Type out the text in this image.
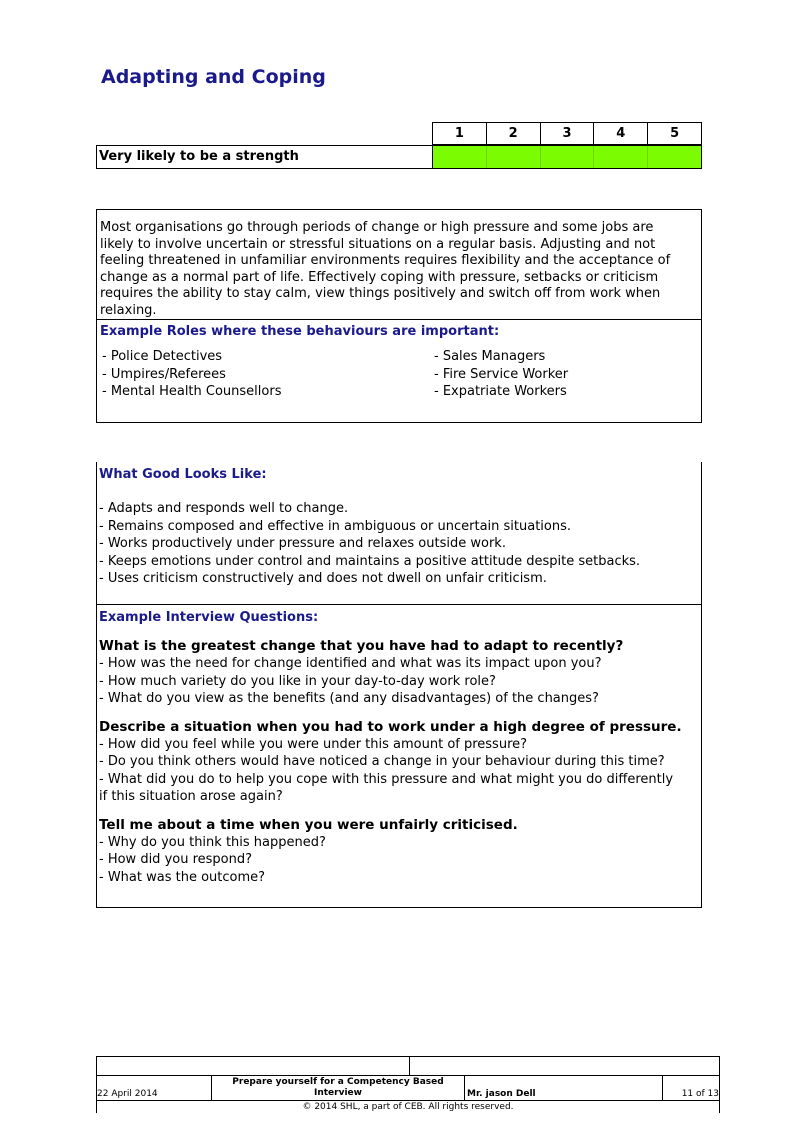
Adapting and Coping
1	2	3	4	5
Very likely to be a strength
Most organisations go through periods of change or high pressure and some jobs are
likely to involve uncertain or stressful situations on a regular basis. Adjusting and not
feeling threatened in unfamiliar environments requires flexibility and the acceptance of
change as a normal part of life. Effectively coping with pressure, setbacks or criticism
requires the ability to stay calm, view things positively and switch off from work when
relaxing.
Example Roles where these behaviours are important:
- Police Detectives
- Umpires/Referees
- Mental Health Counsellors
- Sales Managers
- Fire Service Worker
- Expatriate Workers
What Good Looks Like:
- Adapts and responds well to change.
- Remains composed and effective in ambiguous or uncertain situations.
- Works productively under pressure and relaxes outside work.
- Keeps emotions under control and maintains a positive attitude despite setbacks.
- Uses criticism constructively and does not dwell on unfair criticism.
Example Interview Questions:
What is the greatest change that you have had to adapt to recently?
- How was the need for change identified and what was its impact upon you?
- How much variety do you like in your day-to-day work role?
- What do you view as the benefits (and any disadvantages) of the changes?
Describe a situation when you had to work under a high degree of pressure.
- How did you feel while you were under this amount of pressure?
- Do you think others would have noticed a change in your behaviour during this time?
- What did you do to help you cope with this pressure and what might you do differently
if this situation arose again?
Tell me about a time when you were unfairly criticised.
- Why do you think this happened?
- How did you respond?
- What was the outcome?
22 April 2014
Prepare yourself for a Competency Based
Interview	Mr. jason Dell	11 of 13
© 2014 SHL, a part of CEB. All rights reserved.
